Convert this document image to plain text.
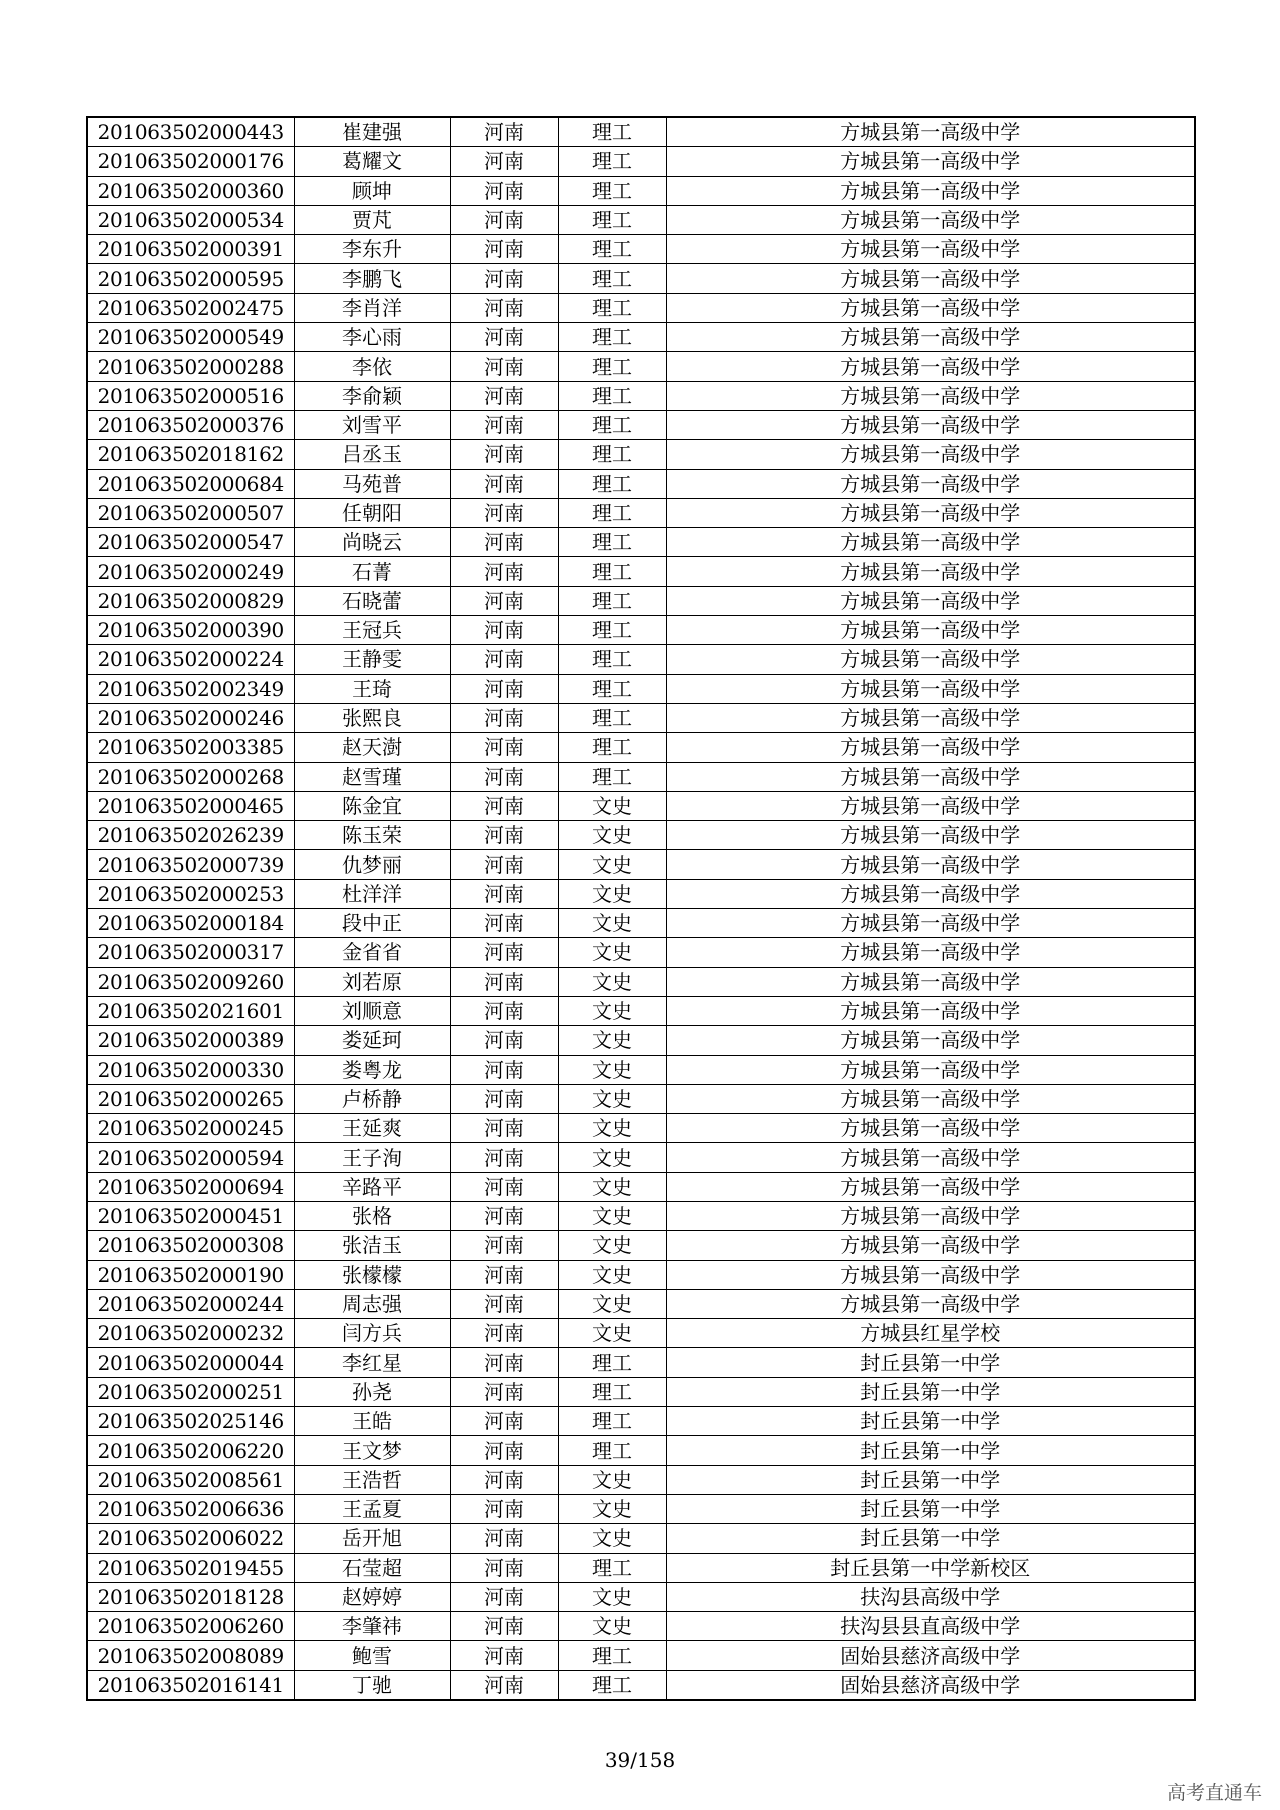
201063502000443	崔建强	河南	理工	方城县第一高级中学
201063502000176	葛耀文	河南	理工	方城县第一高级中学
201063502000360	顾坤	河南	理工	方城县第一高级中学
201063502000534	贾芃	河南	理工	方城县第一高级中学
201063502000391	李东升	河南	理工	方城县第一高级中学
201063502000595	李鹏飞	河南	理工	方城县第一高级中学
201063502002475	李肖洋	河南	理工	方城县第一高级中学
201063502000549	李心雨	河南	理工	方城县第一高级中学
201063502000288	李依	河南	理工	方城县第一高级中学
201063502000516	李俞颖	河南	理工	方城县第一高级中学
201063502000376	刘雪平	河南	理工	方城县第一高级中学
201063502018162	吕丞玉	河南	理工	方城县第一高级中学
201063502000684	马苑普	河南	理工	方城县第一高级中学
201063502000507	任朝阳	河南	理工	方城县第一高级中学
201063502000547	尚晓云	河南	理工	方城县第一高级中学
201063502000249	石菁	河南	理工	方城县第一高级中学
201063502000829	石晓蕾	河南	理工	方城县第一高级中学
201063502000390	王冠兵	河南	理工	方城县第一高级中学
201063502000224	王静雯	河南	理工	方城县第一高级中学
201063502002349	王琦	河南	理工	方城县第一高级中学
201063502000246	张熙良	河南	理工	方城县第一高级中学
201063502003385	赵天澍	河南	理工	方城县第一高级中学
201063502000268	赵雪瑾	河南	理工	方城县第一高级中学
201063502000465	陈金宜	河南	文史	方城县第一高级中学
201063502026239	陈玉荣	河南	文史	方城县第一高级中学
201063502000739	仇梦丽	河南	文史	方城县第一高级中学
201063502000253	杜洋洋	河南	文史	方城县第一高级中学
201063502000184	段中正	河南	文史	方城县第一高级中学
201063502000317	金省省	河南	文史	方城县第一高级中学
201063502009260	刘若原	河南	文史	方城县第一高级中学
201063502021601	刘顺意	河南	文史	方城县第一高级中学
201063502000389	娄延珂	河南	文史	方城县第一高级中学
201063502000330	娄粤龙	河南	文史	方城县第一高级中学
201063502000265	卢桥静	河南	文史	方城县第一高级中学
201063502000245	王延爽	河南	文史	方城县第一高级中学
201063502000594	王子洵	河南	文史	方城县第一高级中学
201063502000694	辛路平	河南	文史	方城县第一高级中学
201063502000451	张格	河南	文史	方城县第一高级中学
201063502000308	张洁玉	河南	文史	方城县第一高级中学
201063502000190	张檬檬	河南	文史	方城县第一高级中学
201063502000244	周志强	河南	文史	方城县第一高级中学
201063502000232	闫方兵	河南	文史	方城县红星学校
201063502000044	李红星	河南	理工	封丘县第一中学
201063502000251	孙尧	河南	理工	封丘县第一中学
201063502025146	王皓	河南	理工	封丘县第一中学
201063502006220	王文梦	河南	理工	封丘县第一中学
201063502008561	王浩哲	河南	文史	封丘县第一中学
201063502006636	王孟夏	河南	文史	封丘县第一中学
201063502006022	岳开旭	河南	文史	封丘县第一中学
201063502019455	石莹超	河南	理工	封丘县第一中学新校区
201063502018128	赵婷婷	河南	文史	扶沟县高级中学
201063502006260	李肇祎	河南	文史	扶沟县县直高级中学
201063502008089	鲍雪	河南	理工	固始县慈济高级中学
201063502016141	丁驰	河南	理工	固始县慈济高级中学
39/158
高考直通车
